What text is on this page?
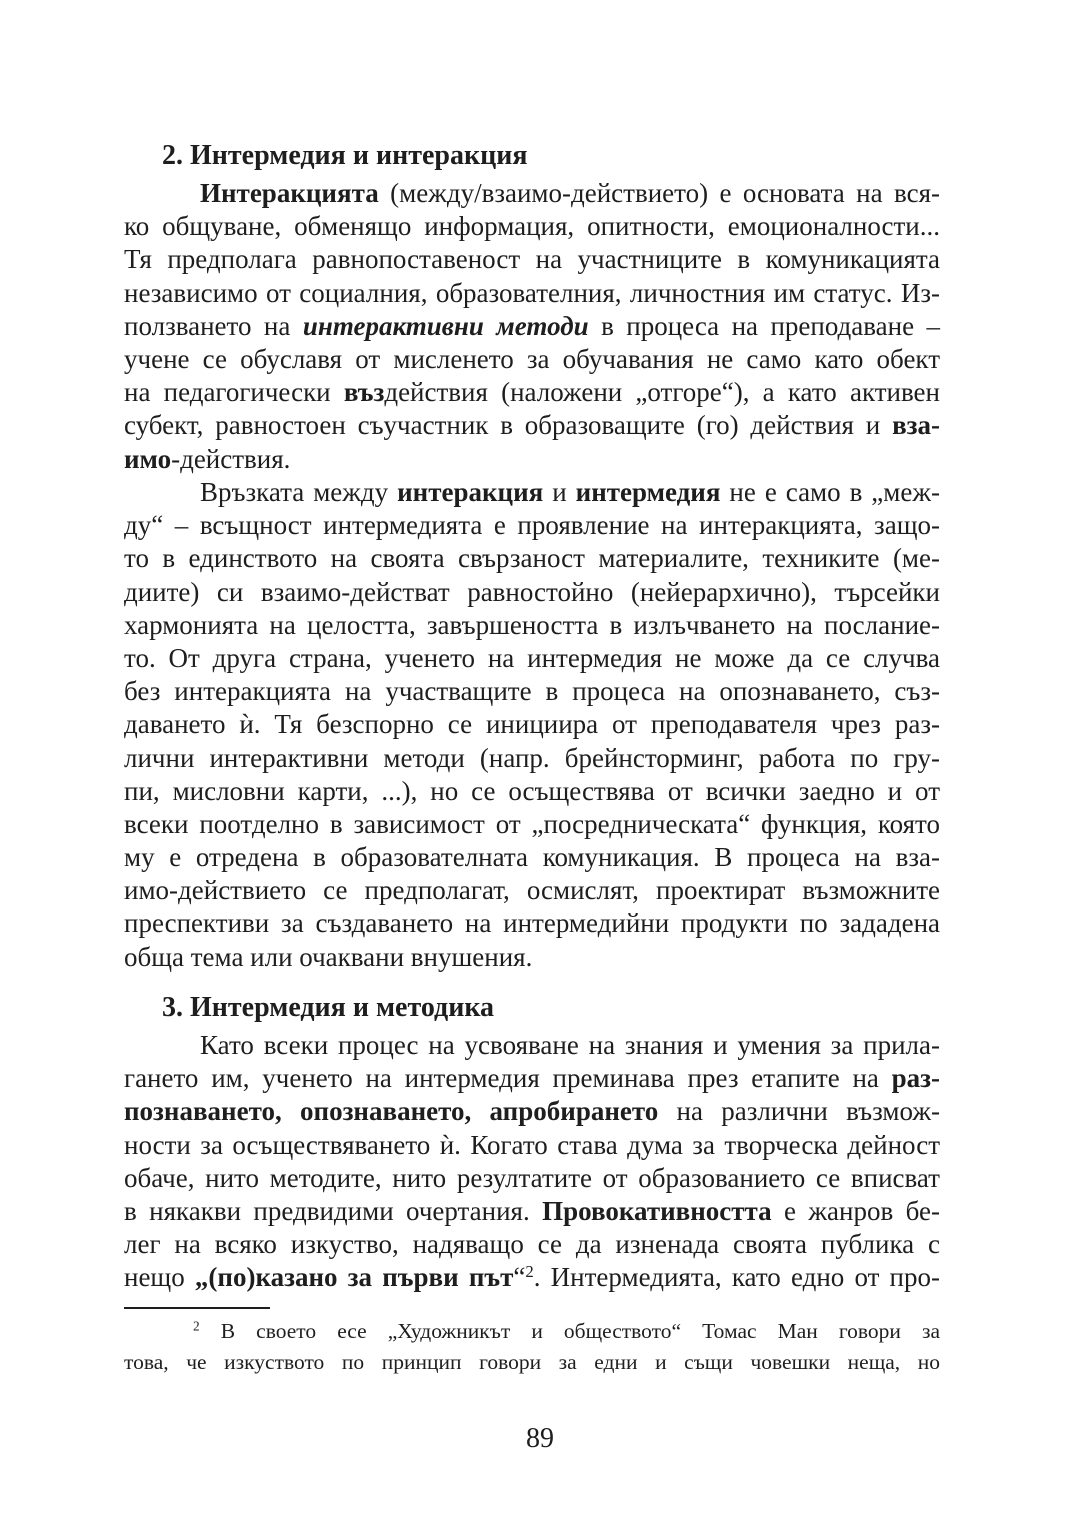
2. Интермедия и интеракция
Интеракцията (между/взаимо-действието) е основата на вся-
ко общуване, обменящо информация, опитности, емоционалности...
Тя предполага равнопоставеност на участниците в комуникацията
независимо от социалния, образователния, личностния им статус. Из-
ползването на интерактивни методи в процеса на преподаване –
учене се обуславя от мисленето за обучавания не само като обект
на педагогически въздействия (наложени „отгоре“), а като активен
субект, равностоен съучастник в образоващите (го) действия и вза-
имо-действия.
Връзката между интеракция и интермедия не е само в „меж-
ду“ – всъщност интермедията е проявление на интеракцията, защо-
то в единството на своята свързаност материалите, техниките (ме-
диите) си взаимо-действат равностойно (нейерархично), търсейки
хармонията на целостта, завършеността в излъчването на послание-
то. От друга страна, ученето на интермедия не може да се случва
без интеракцията на участващите в процеса на опознаването, съз-
даването ѝ. Тя безспорно се инициира от преподавателя чрез раз-
лични интерактивни методи (напр. брейнсторминг, работа по гру-
пи, мисловни карти, ...), но се осъществява от всички заедно и от
всеки поотделно в зависимост от „посредническата“ функция, която
му е отредена в образователната комуникация. В процеса на вза-
имо-действието се предполагат, осмислят, проектират възможните
преспективи за създаването на интермедийни продукти по зададена
обща тема или очаквани внушения.
3. Интермедия и методика
Като всеки процес на усвояване на знания и умения за прила-
гането им, ученето на интермедия преминава през етапите на раз-
познаването, опознаването, апробирането на различни възмож-
ности за осъществяването ѝ. Когато става дума за творческа дейност
обаче, нито методите, нито резултатите от образованието се вписват
в някакви предвидими очертания. Провокативността е жанров бе-
лег на всяко изкуство, надяващо се да изненада своята публика с
нещо „(по)казано за първи път“$^2$. Интермедията, като едно от про-
$^2$ В своето есе „Художникът и обществото“ Томас Ман говори за
това, че изкуството по принцип говори за едни и същи човешки неща, но
89
